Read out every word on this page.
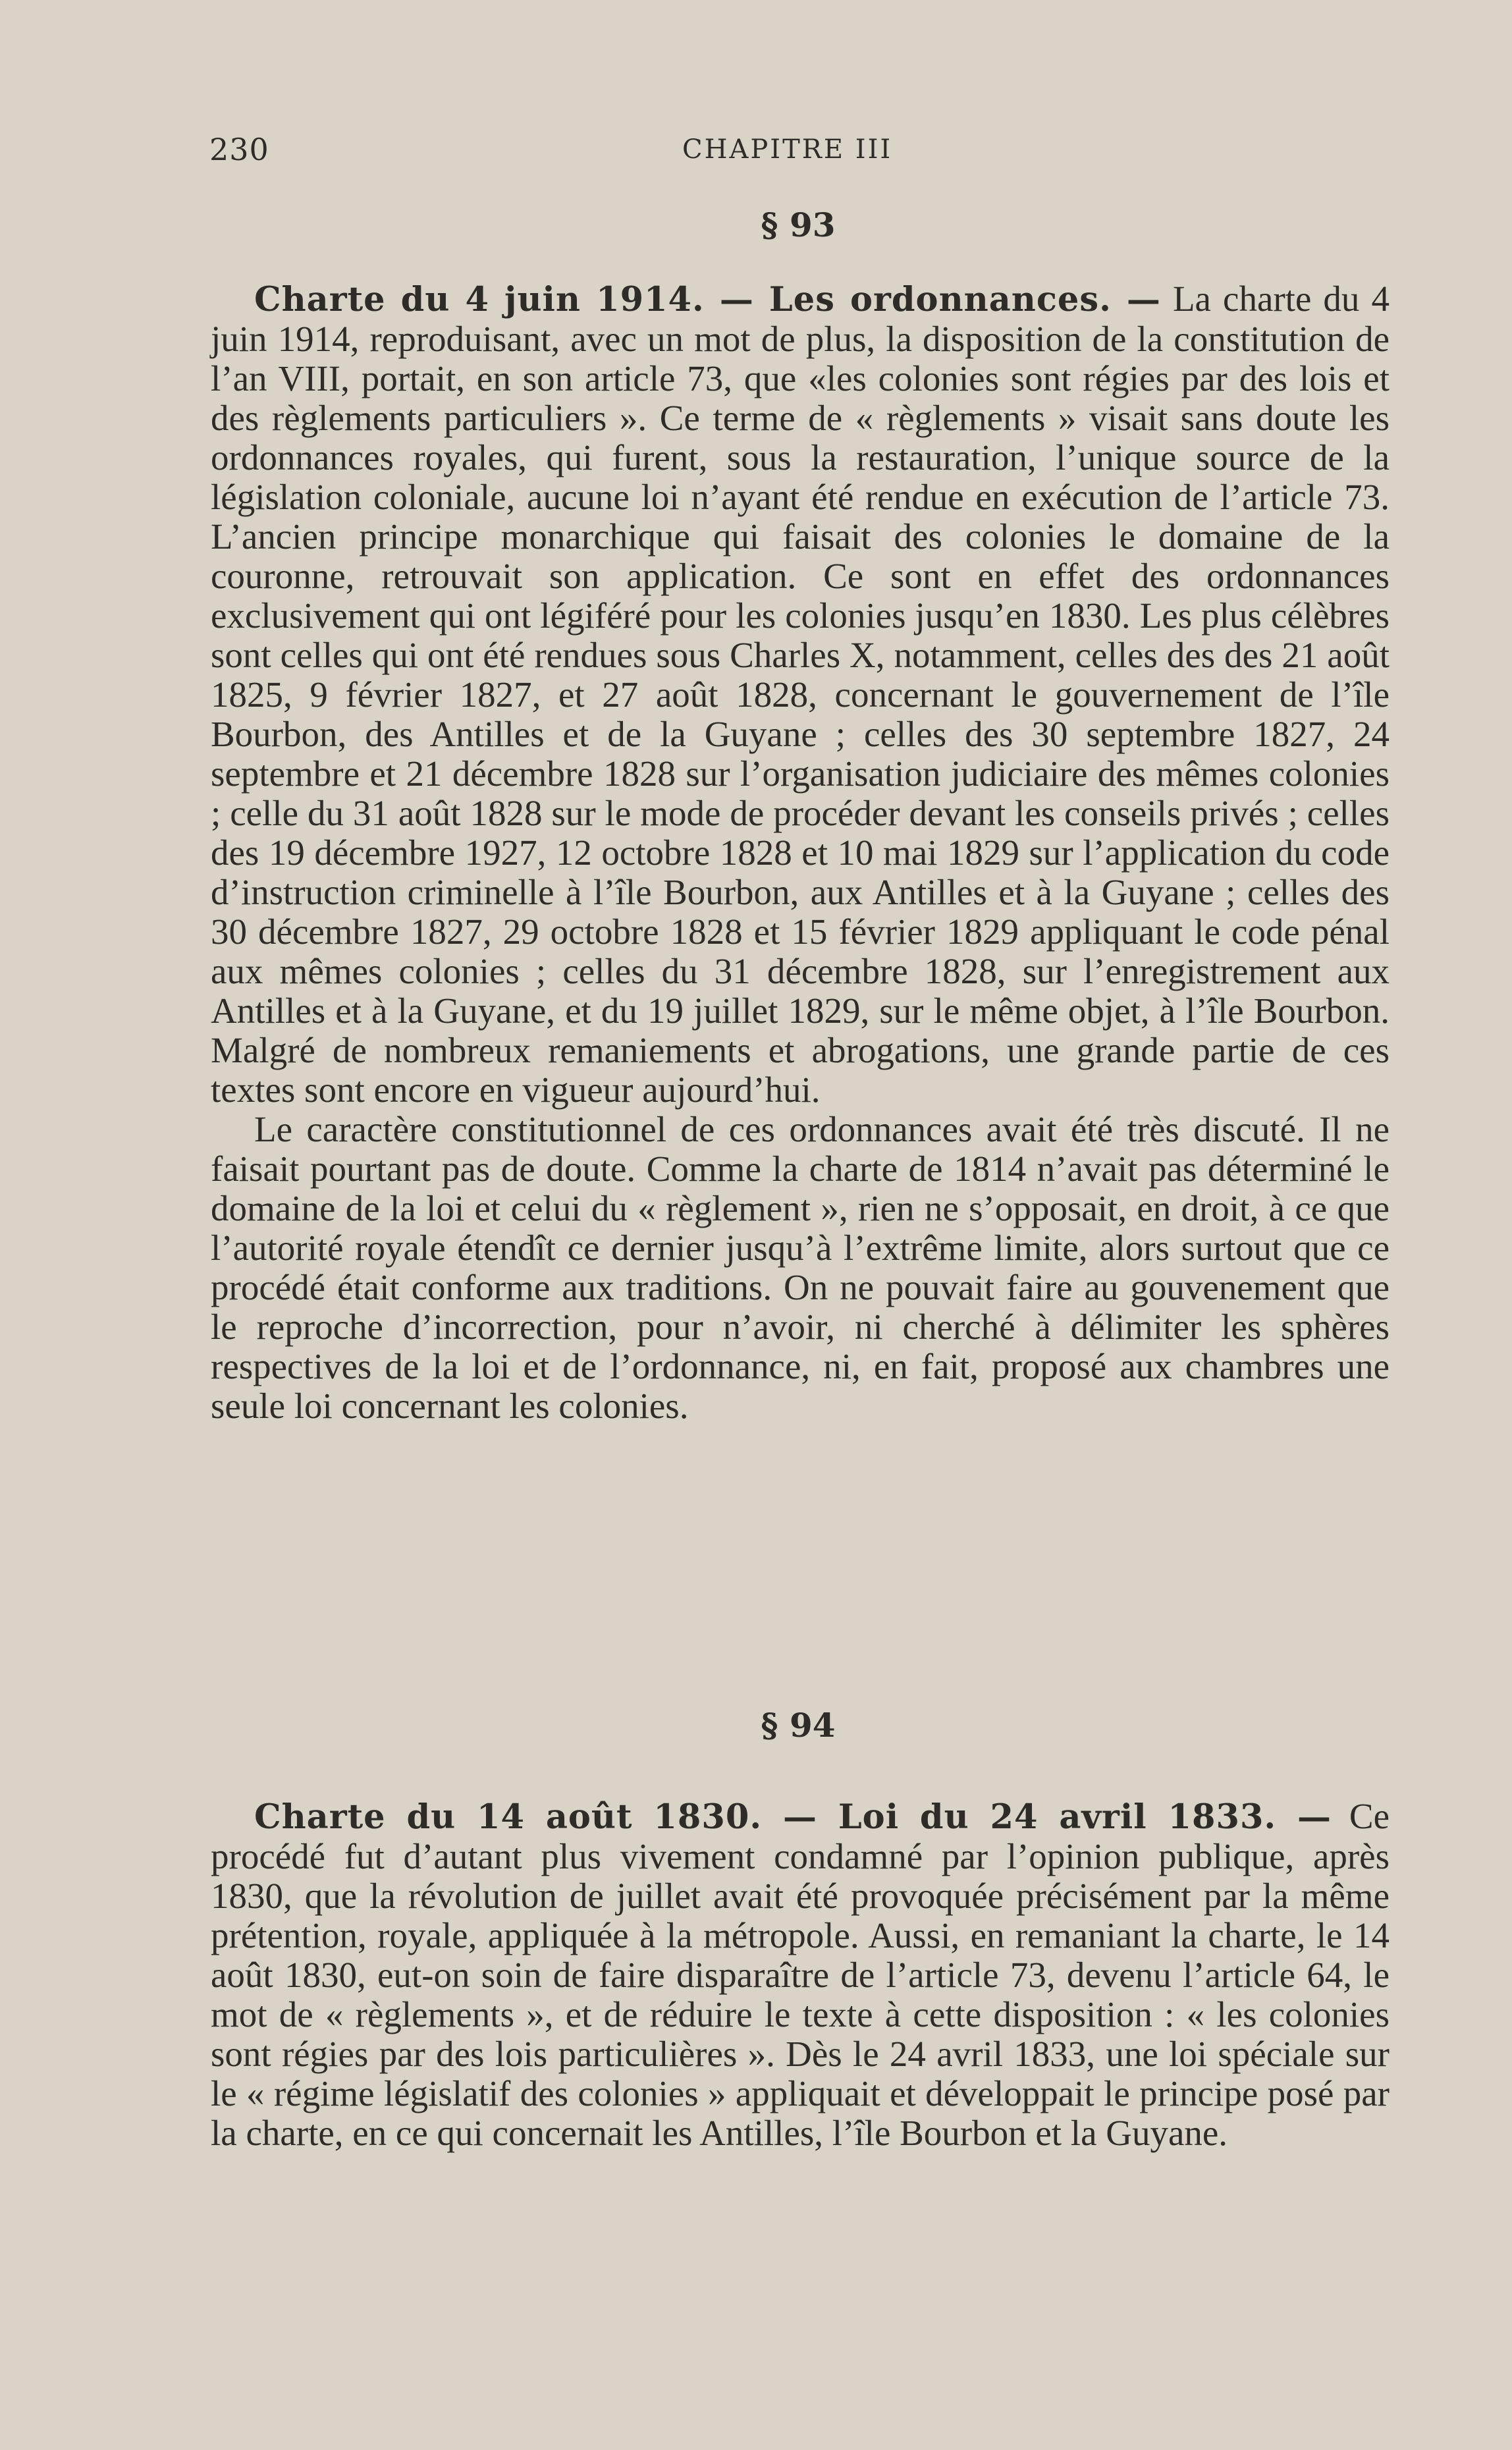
230	CHAPITRE III
§ 93

Charte du 4 juin 1914. — Les ordonnances. — La charte du 4 juin 1914, reproduisant, avec un mot de plus, la disposition de la constitution de l’an VIII, portait, en son article 73, que «les colonies sont régies par des lois et des règlements particuliers ». Ce terme de « règlements » visait sans doute les ordonnances royales, qui furent, sous la restauration, l’unique source de la législation coloniale, aucune loi n’ayant été rendue en exécution de l’article 73. L’ancien principe monarchique qui faisait des colonies le domaine de la couronne, retrouvait son application. Ce sont en effet des ordonnances exclusivement qui ont légiféré pour les colonies jusqu’en 1830. Les plus célèbres sont celles qui ont été rendues sous Charles X, notamment, celles des des 21 août 1825, 9 février 1827, et 27 août 1828, concernant le gouvernement de l’île Bourbon, des Antilles et de la Guyane ; celles des 30 septembre 1827, 24 septembre et 21 décembre 1828 sur l’organisation judiciaire des mêmes colonies ; celle du 31 août 1828 sur le mode de procéder devant les conseils privés ; celles des 19 décembre 1927, 12 octobre 1828 et 10 mai 1829 sur l’application du code d’instruction criminelle à l’île Bourbon, aux Antilles et à la Guyane ; celles des 30 décembre 1827, 29 octobre 1828 et 15 février 1829 appliquant le code pénal aux mêmes colonies ; celles du 31 décembre 1828, sur l’enregistrement aux Antilles et à la Guyane, et du 19 juillet 1829, sur le même objet, à l’île Bourbon. Malgré de nombreux remaniements et abrogations, une grande partie de ces textes sont encore en vigueur aujourd’hui.

Le caractère constitutionnel de ces ordonnances avait été très discuté. Il ne faisait pourtant pas de doute. Comme la charte de 1814 n’avait pas déterminé le domaine de la loi et celui du « règlement », rien ne s’opposait, en droit, à ce que l’autorité royale étendît ce dernier jusqu’à l’extrême limite, alors surtout que ce procédé était conforme aux traditions. On ne pouvait faire au gouvenement que le reproche d’incorrection, pour n’avoir, ni cherché à délimiter les sphères respectives de la loi et de l’ordonnance, ni, en fait, proposé aux chambres une seule loi concernant les colonies.

§ 94

Charte du 14 août 1830. — Loi du 24 avril 1833. — Ce procédé fut d’autant plus vivement condamné par l’opinion publique, après 1830, que la révolution de juillet avait été provoquée précisément par la même prétention, royale, appliquée à la métropole. Aussi, en remaniant la charte, le 14 août 1830, eut-on soin de faire disparaître de l’article 73, devenu l’article 64, le mot de « règlements », et de réduire le texte à cette disposition : « les colonies sont régies par des lois particulières ». Dès le 24 avril 1833, une loi spéciale sur le « régime législatif des colonies » appliquait et développait le principe posé par la charte, en ce qui concernait les Antilles, l’île Bourbon et la Guyane.
